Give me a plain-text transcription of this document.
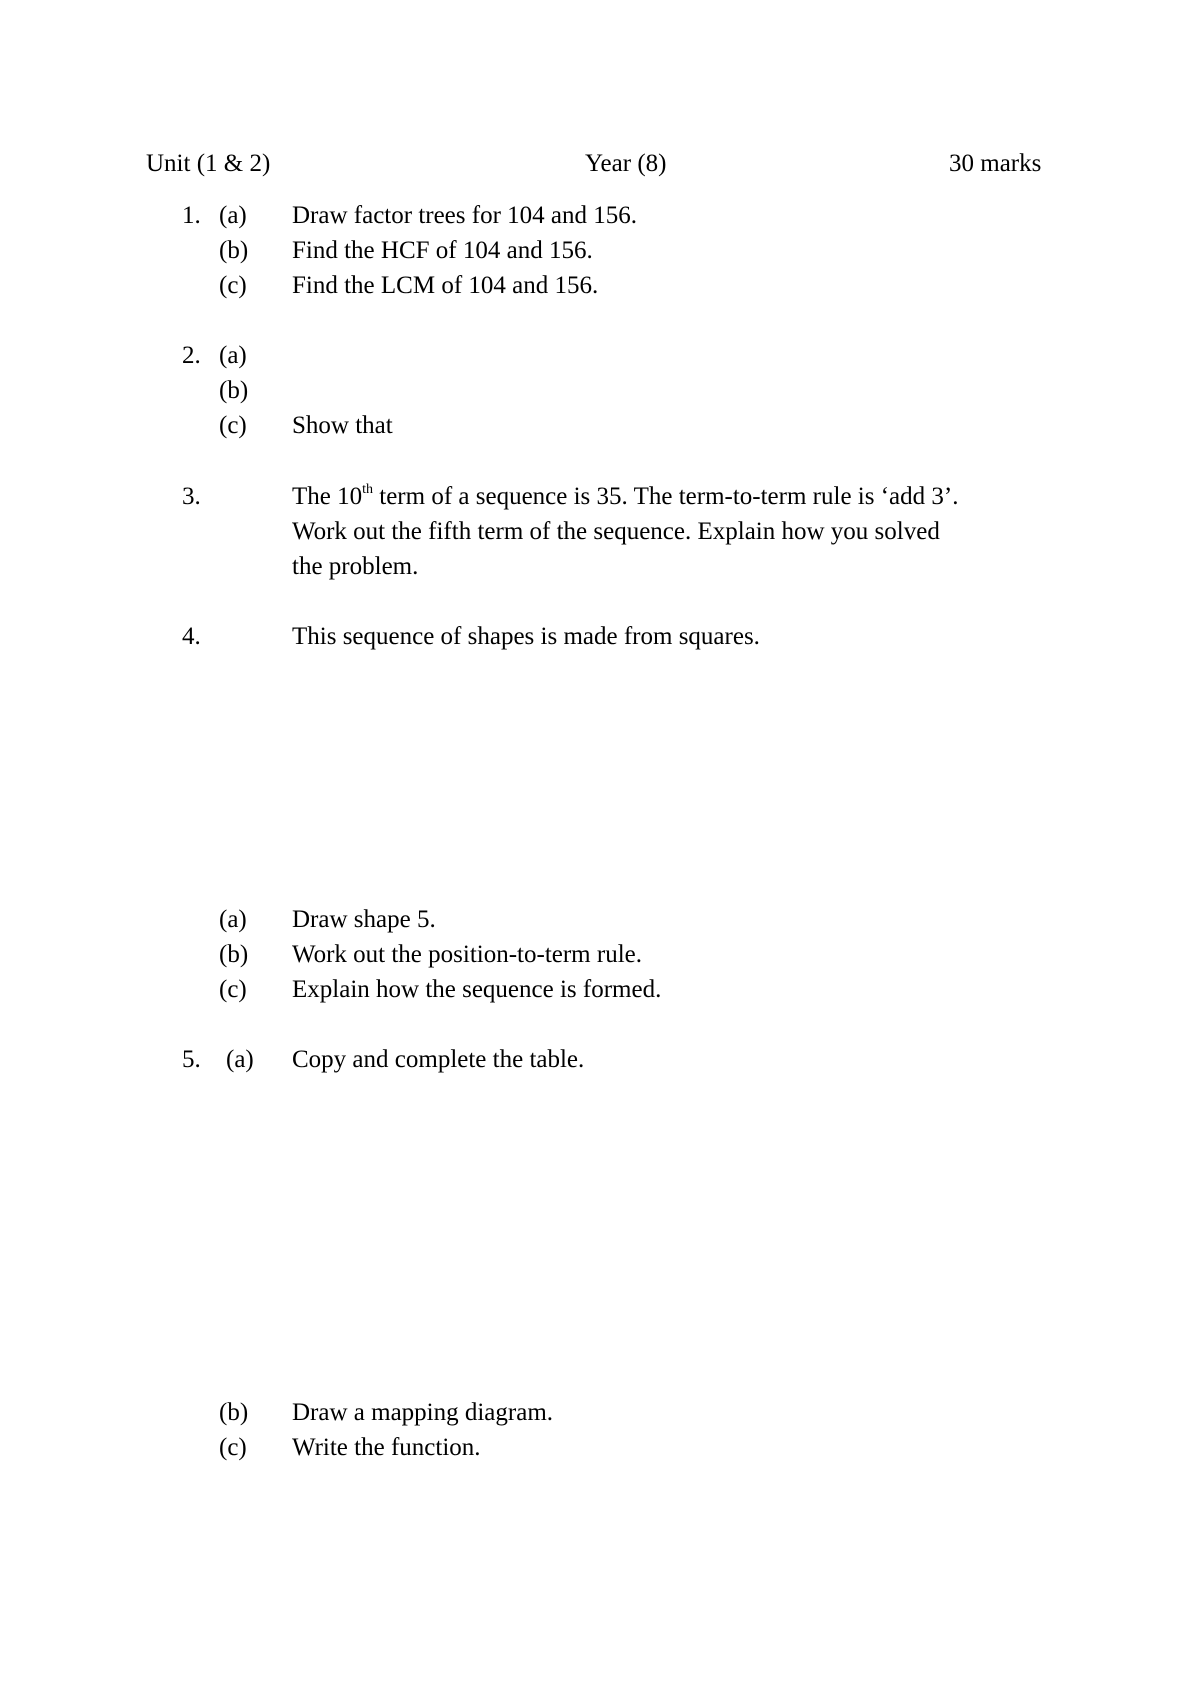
Unit (1 & 2)	Year (8)	30 marks
1. (a) Draw factor trees for 104 and 156.
(b) Find the HCF of 104 and 156.
(c) Find the LCM of 104 and 156.
2. (a)
(b)
(c) Show that
3.	The 10th term of a sequence is 35. The term-to-term rule is ‘add 3’.
Work out the fifth term of the sequence. Explain how you solved
the problem.
4.	This sequence of shapes is made from squares.
(a) Draw shape 5.
(b) Work out the position-to-term rule.
(c) Explain how the sequence is formed.
5. (a) Copy and complete the table.
(b) Draw a mapping diagram.
(c) Write the function.
